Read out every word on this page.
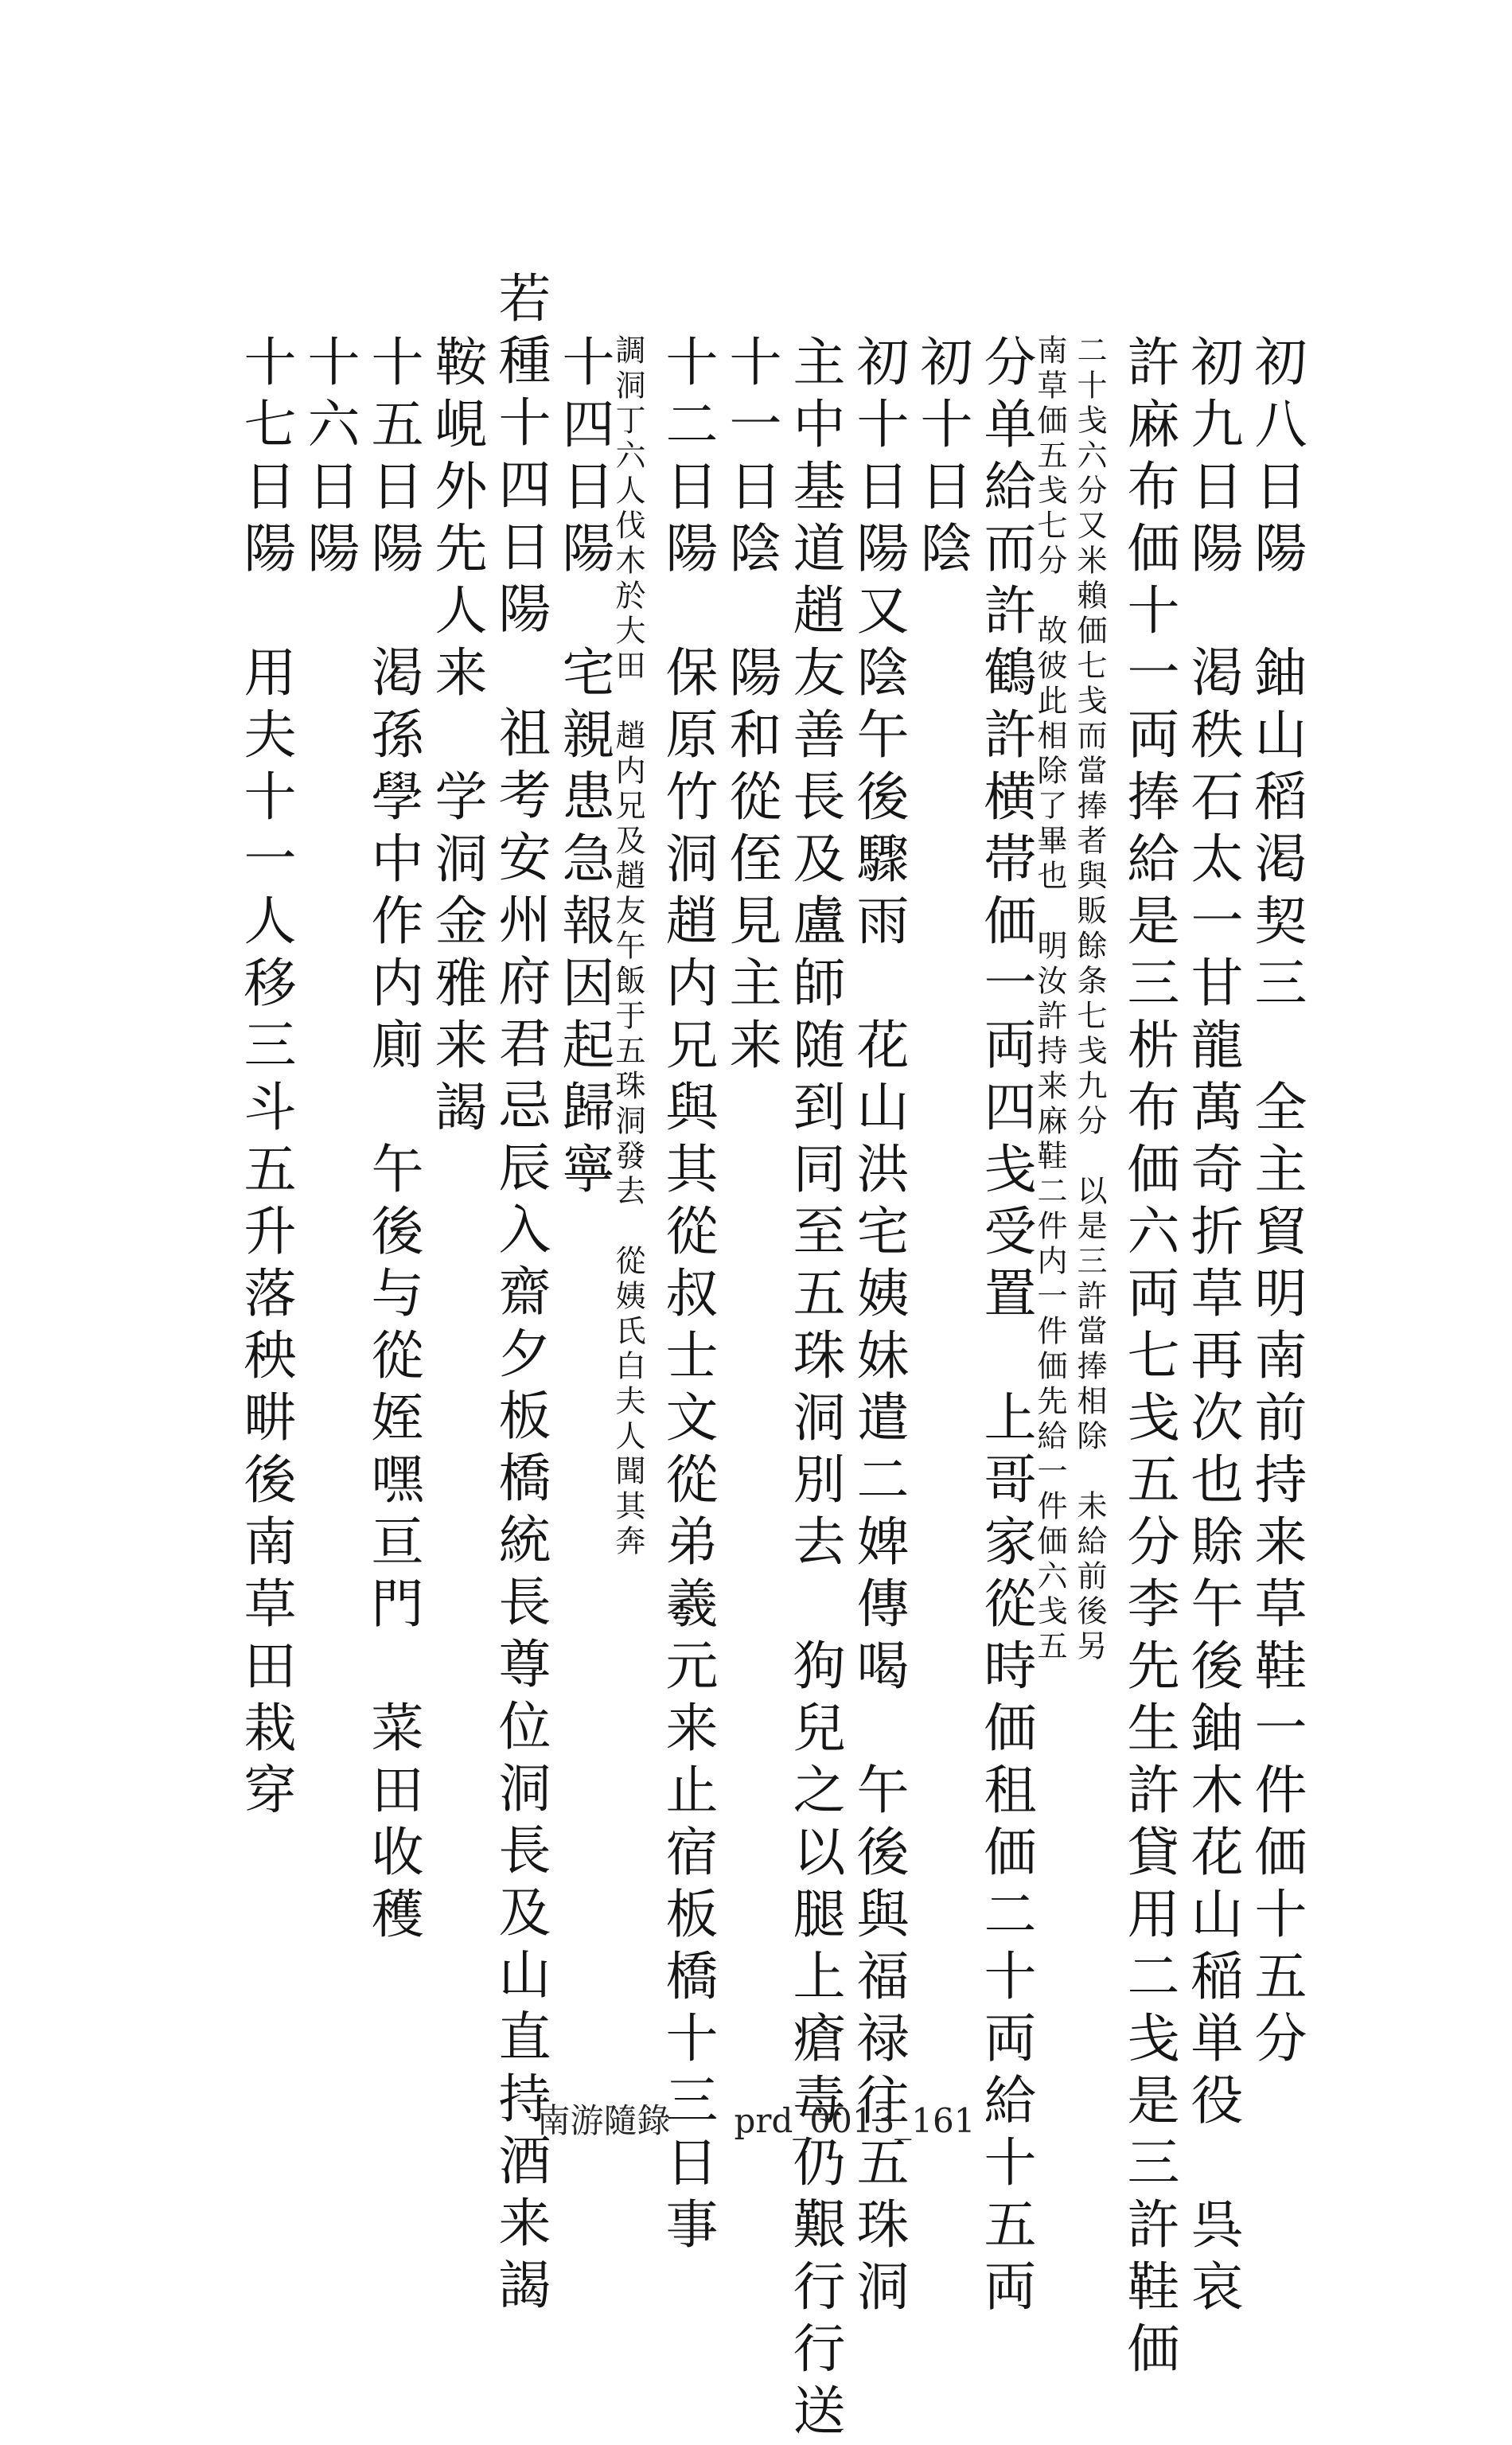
初八日陽　鈾山稻渇契三　全主貿明南前持来草鞋一件価十五分
初九日陽　渇秩石太一甘龍萬奇折草再次也賖午後鈾木花山稲単役　呉哀
許麻布価十一両捧給是三㭊布価六両七戋五分李先生許貸用二戋是三許鞋価
二十戋六分又米賴価七戋而當捧者與販餘条七戋九分　以是三許當捧相除　未給前後另
南草価五戋七分　故彼此相除了畢也　明汝許持来麻鞋二件内一件価先給一件価六戋五
分单給而許鶴許横帯価一両四戋受置　上哥家從時価租価二十両給十五両
初十日陰
初十日陽又陰午後驟雨　花山洪宅姨妹遣二婢傳喝　午後與福禄往五珠洞
主中基道趙友善長及盧師随到同至五珠洞別去　狗兒之以腿上瘡毒仍艱行行送
十一日陰　陽和從侄見主来
十二日陽　保原竹洞趙内兄與其從叔士文從弟羲元来止宿板橋十三日事
調洞丁六人伐木於大田　趙内兄及趙友午飯于五珠洞發去　從姨氏白夫人聞其奔
十四日陽　宅親患急報因起歸寧
若種十四日陽　祖考安州府君忌辰入齋夕板橋統長尊位洞長及山直持酒来謁
鞍峴外先人来　学洞金雅来謁
十五日陽　渇孫學中作内廁　午後与從姪嘿亘門　菜田收穫
十六日陽
十七日陽　用夫十一人移三斗五升落秧畊後南草田栽穿
南游隨錄 prd_0013_161
